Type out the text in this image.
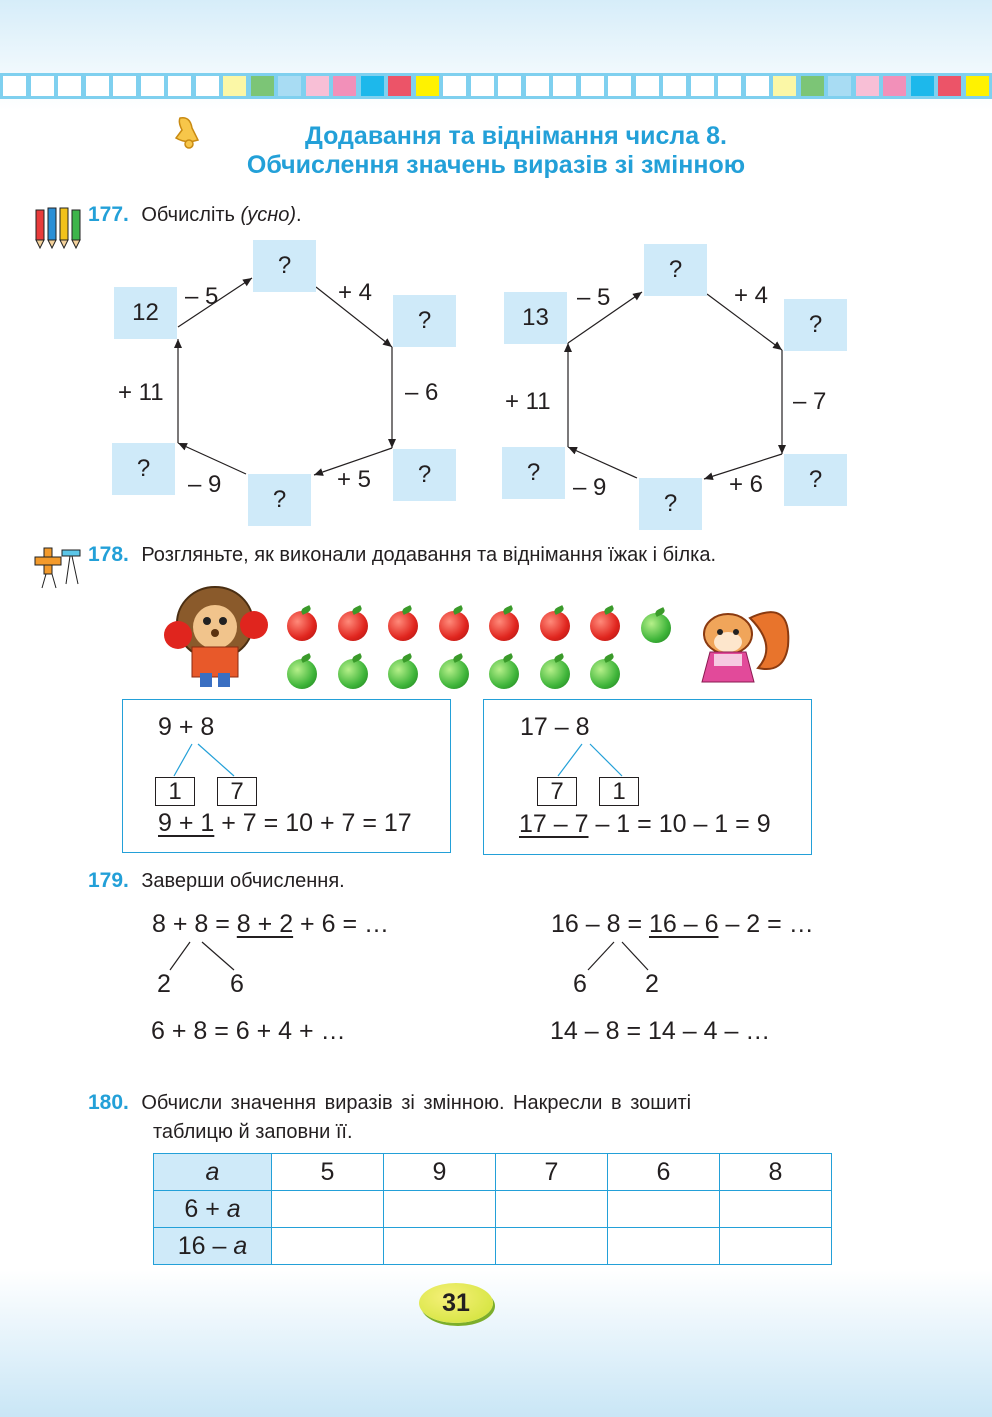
Додавання та віднімання числа 8.
Обчислення значень виразів зі змінною
177. Обчисліть (усно).
12
?
?
?
?
?
– 5	+ 4
– 6
+ 5
– 9
+ 11
13
?
?
?
?
?
– 5	+ 4
– 7
+ 6
– 9
+ 11
178. Розгляньте, як виконали додавання та віднімання їжак і білка.
9 + 8
1	7
9 + 1 + 7 = 10 + 7 = 17
17 – 8
7	1
17 – 7 – 1 = 10 – 1 = 9
179. Заверши обчислення.
8 + 8 = 8 + 2 + 6 = …
2 6
6 + 8 = 6 + 4 + …
16 – 8 = 16 – 6 – 2 = …
6 2
14 – 8 = 14 – 4 – …
180. Обчисли значення виразів зі змінною. Накресли в зошиті
таблицю й заповни її.
a	5	9	7	6	8
6 + a					
16 – a					
31
